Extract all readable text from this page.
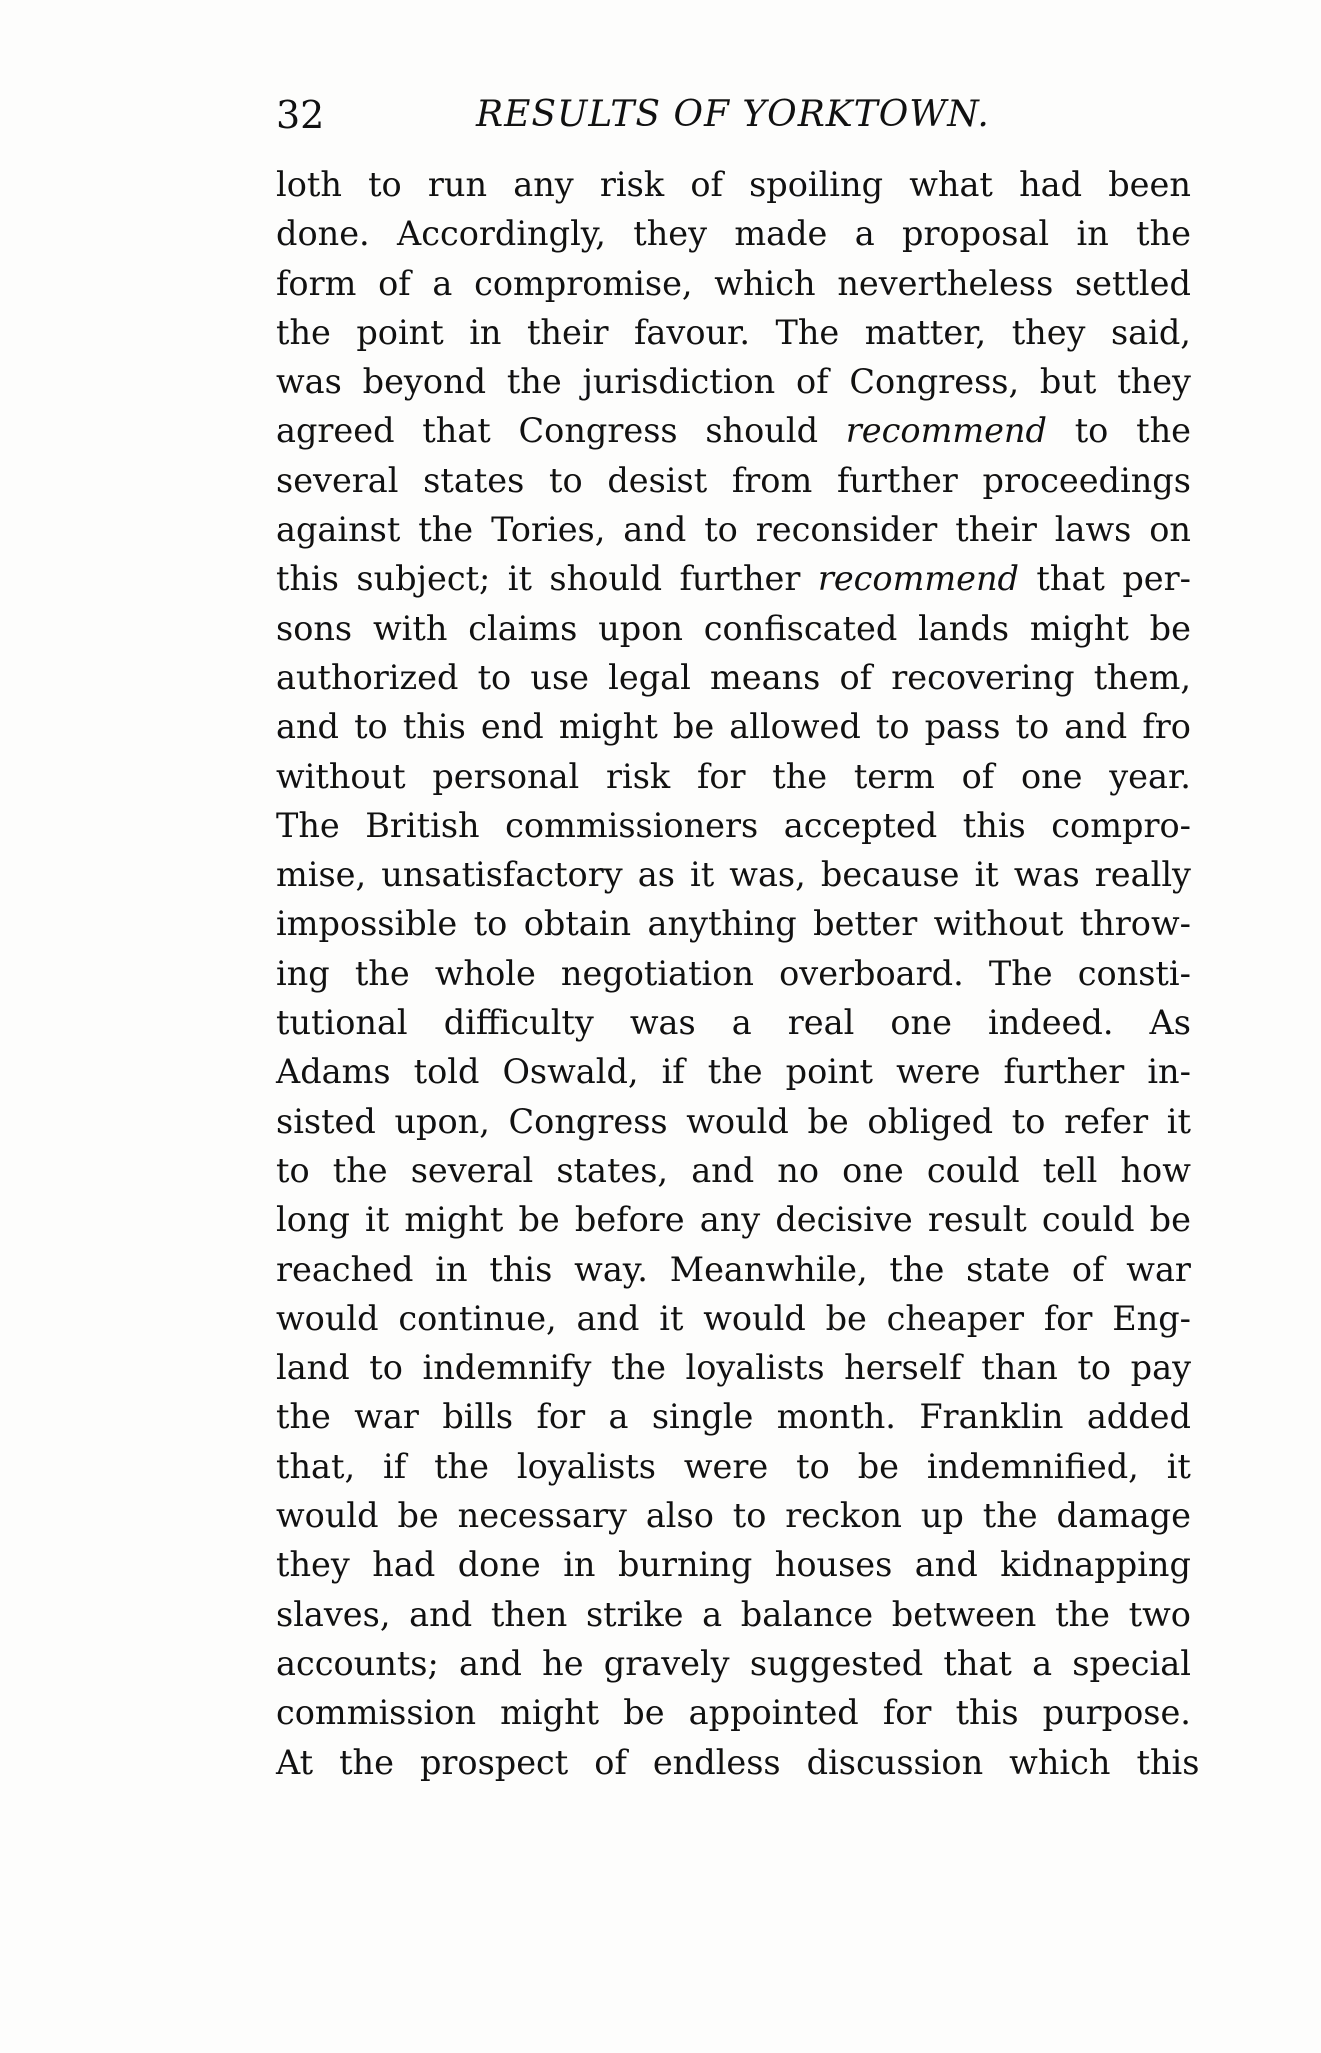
32	RESULTS OF YORKTOWN.
loth to run any risk of spoiling what had been
done. Accordingly, they made a proposal in the
form of a compromise, which nevertheless settled
the point in their favour. The matter, they said,
was beyond the jurisdiction of Congress, but they
agreed that Congress should recommend to the
several states to desist from further proceedings
against the Tories, and to reconsider their laws on
this subject; it should further recommend that per-
sons with claims upon confiscated lands might be
authorized to use legal means of recovering them,
and to this end might be allowed to pass to and fro
without personal risk for the term of one year.
The British commissioners accepted this compro-
mise, unsatisfactory as it was, because it was really
impossible to obtain anything better without throw-
ing the whole negotiation overboard. The consti-
tutional difficulty was a real one indeed. As
Adams told Oswald, if the point were further in-
sisted upon, Congress would be obliged to refer it
to the several states, and no one could tell how
long it might be before any decisive result could be
reached in this way. Meanwhile, the state of war
would continue, and it would be cheaper for Eng-
land to indemnify the loyalists herself than to pay
the war bills for a single month. Franklin added
that, if the loyalists were to be indemnified, it
would be necessary also to reckon up the damage
they had done in burning houses and kidnapping
slaves, and then strike a balance between the two
accounts; and he gravely suggested that a special
commission might be appointed for this purpose.
At the prospect of endless discussion which this
